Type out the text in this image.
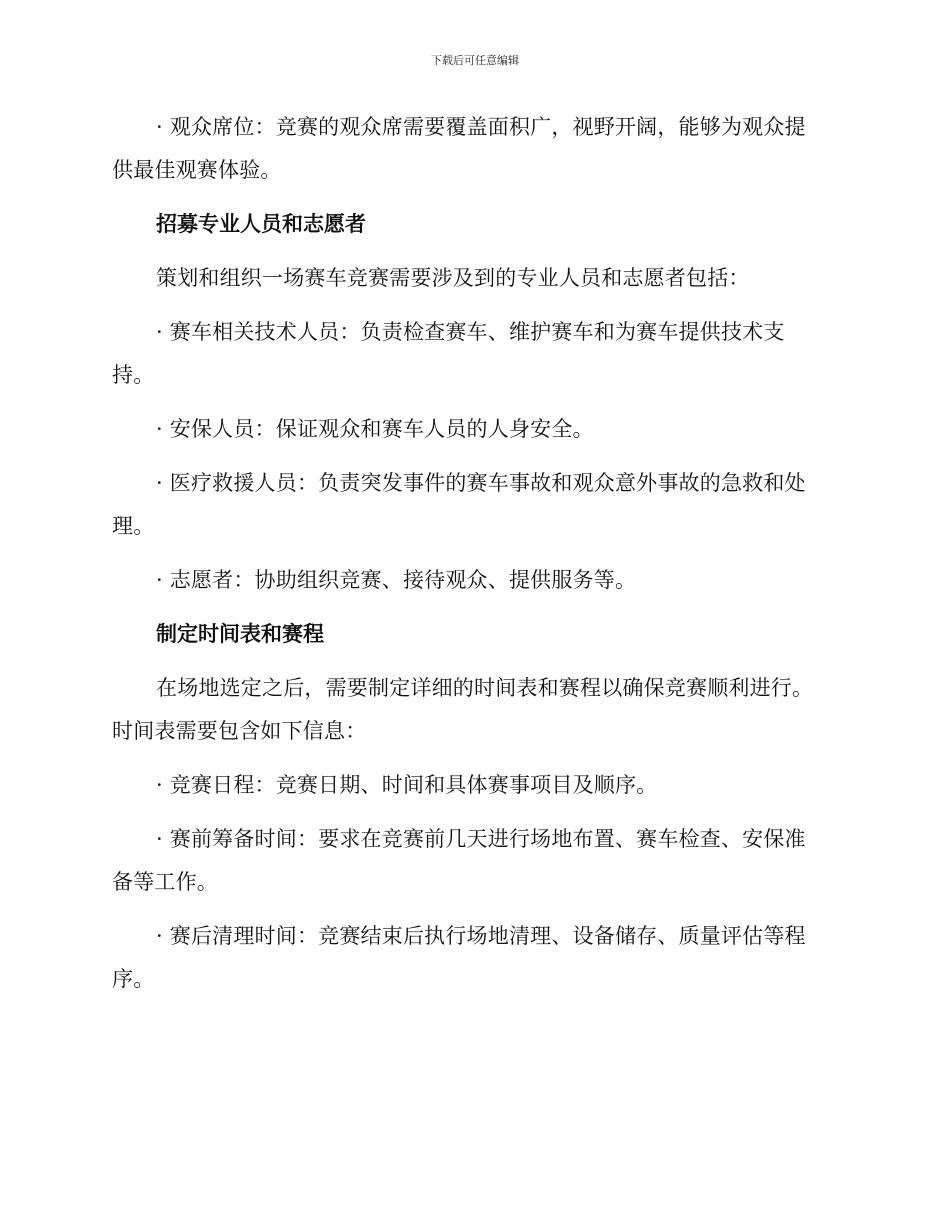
下载后可任意编辑

· 观众席位：竞赛的观众席需要覆盖面积广，视野开阔，能够为观众提供最佳观赛体验。

招募专业人员和志愿者

策划和组织一场赛车竞赛需要涉及到的专业人员和志愿者包括：

· 赛车相关技术人员：负责检查赛车、维护赛车和为赛车提供技术支持。

· 安保人员：保证观众和赛车人员的人身安全。

· 医疗救援人员：负责突发事件的赛车事故和观众意外事故的急救和处理。

· 志愿者：协助组织竞赛、接待观众、提供服务等。

制定时间表和赛程

在场地选定之后，需要制定详细的时间表和赛程以确保竞赛顺利进行。时间表需要包含如下信息：

· 竞赛日程：竞赛日期、时间和具体赛事项目及顺序。

· 赛前筹备时间：要求在竞赛前几天进行场地布置、赛车检查、安保准备等工作。

· 赛后清理时间：竞赛结束后执行场地清理、设备储存、质量评估等程序。
